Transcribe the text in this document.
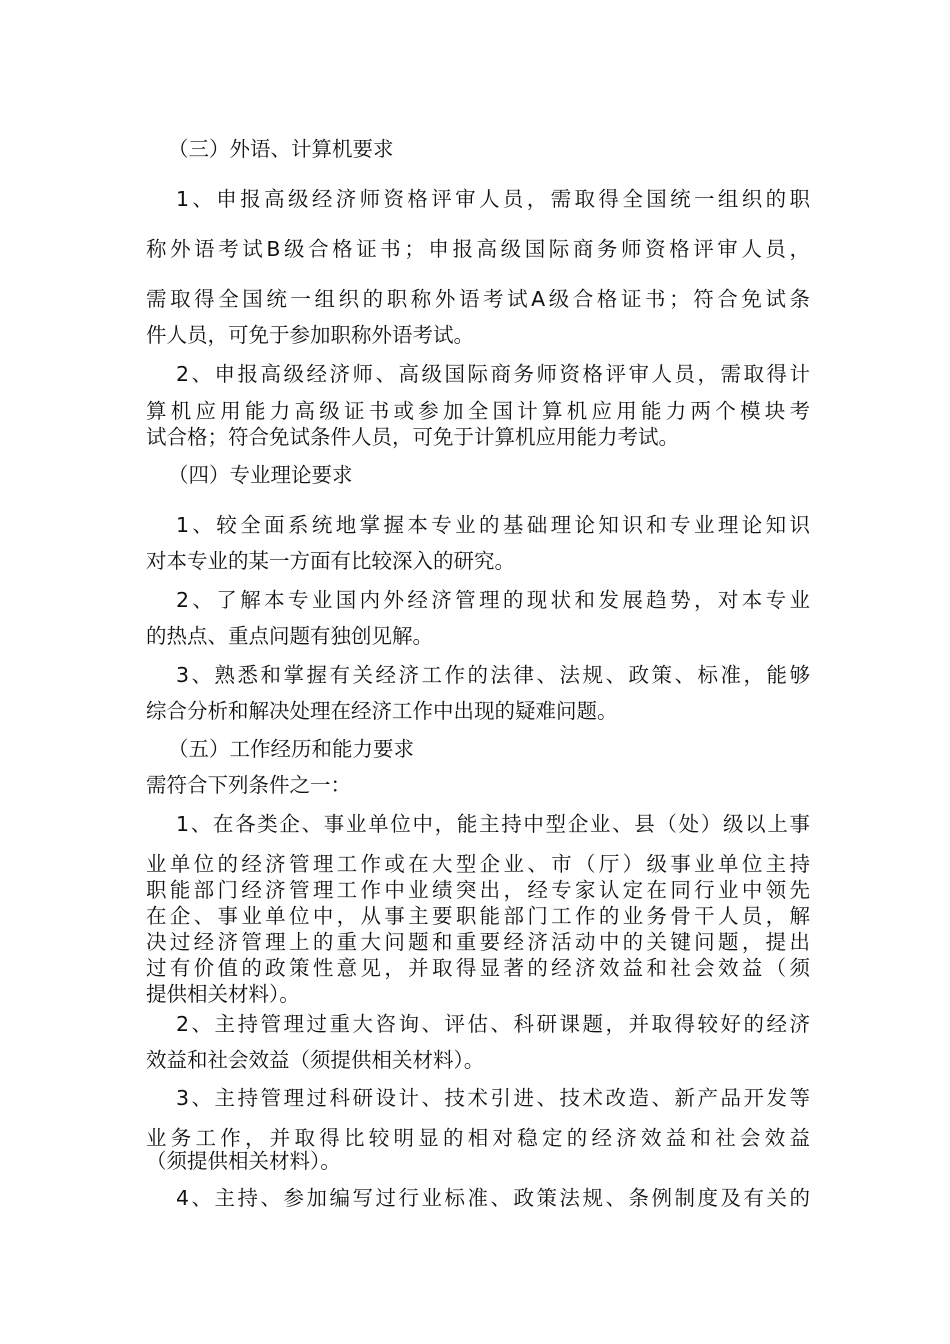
（三）外语、计算机要求
1、申报高级经济师资格评审人员，需取得全国统一组织的职
称外语考试B级合格证书；申报高级国际商务师资格评审人员，
需取得全国统一组织的职称外语考试A级合格证书；符合免试条
件人员，可免于参加职称外语考试。
2、申报高级经济师、高级国际商务师资格评审人员，需取得计
算机应用能力高级证书或参加全国计算机应用能力两个模块考
试合格；符合免试条件人员，可免于计算机应用能力考试。
（四）专业理论要求
1、较全面系统地掌握本专业的基础理论知识和专业理论知识
对本专业的某一方面有比较深入的研究。
2、了解本专业国内外经济管理的现状和发展趋势，对本专业
的热点、重点问题有独创见解。
3、熟悉和掌握有关经济工作的法律、法规、政策、标准，能够
综合分析和解决处理在经济工作中出现的疑难问题。
（五）工作经历和能力要求
需符合下列条件之一：
1、在各类企、事业单位中，能主持中型企业、县（处）级以上事
业单位的经济管理工作或在大型企业、市（厅）级事业单位主持
职能部门经济管理工作中业绩突出，经专家认定在同行业中领先
在企、事业单位中，从事主要职能部门工作的业务骨干人员，解
决过经济管理上的重大问题和重要经济活动中的关键问题，提出
过有价值的政策性意见，并取得显著的经济效益和社会效益（须
提供相关材料）。
2、主持管理过重大咨询、评估、科研课题，并取得较好的经济
效益和社会效益（须提供相关材料）。
3、主持管理过科研设计、技术引进、技术改造、新产品开发等
业务工作，并取得比较明显的相对稳定的经济效益和社会效益
（须提供相关材料）。
4、主持、参加编写过行业标准、政策法规、条例制度及有关的
